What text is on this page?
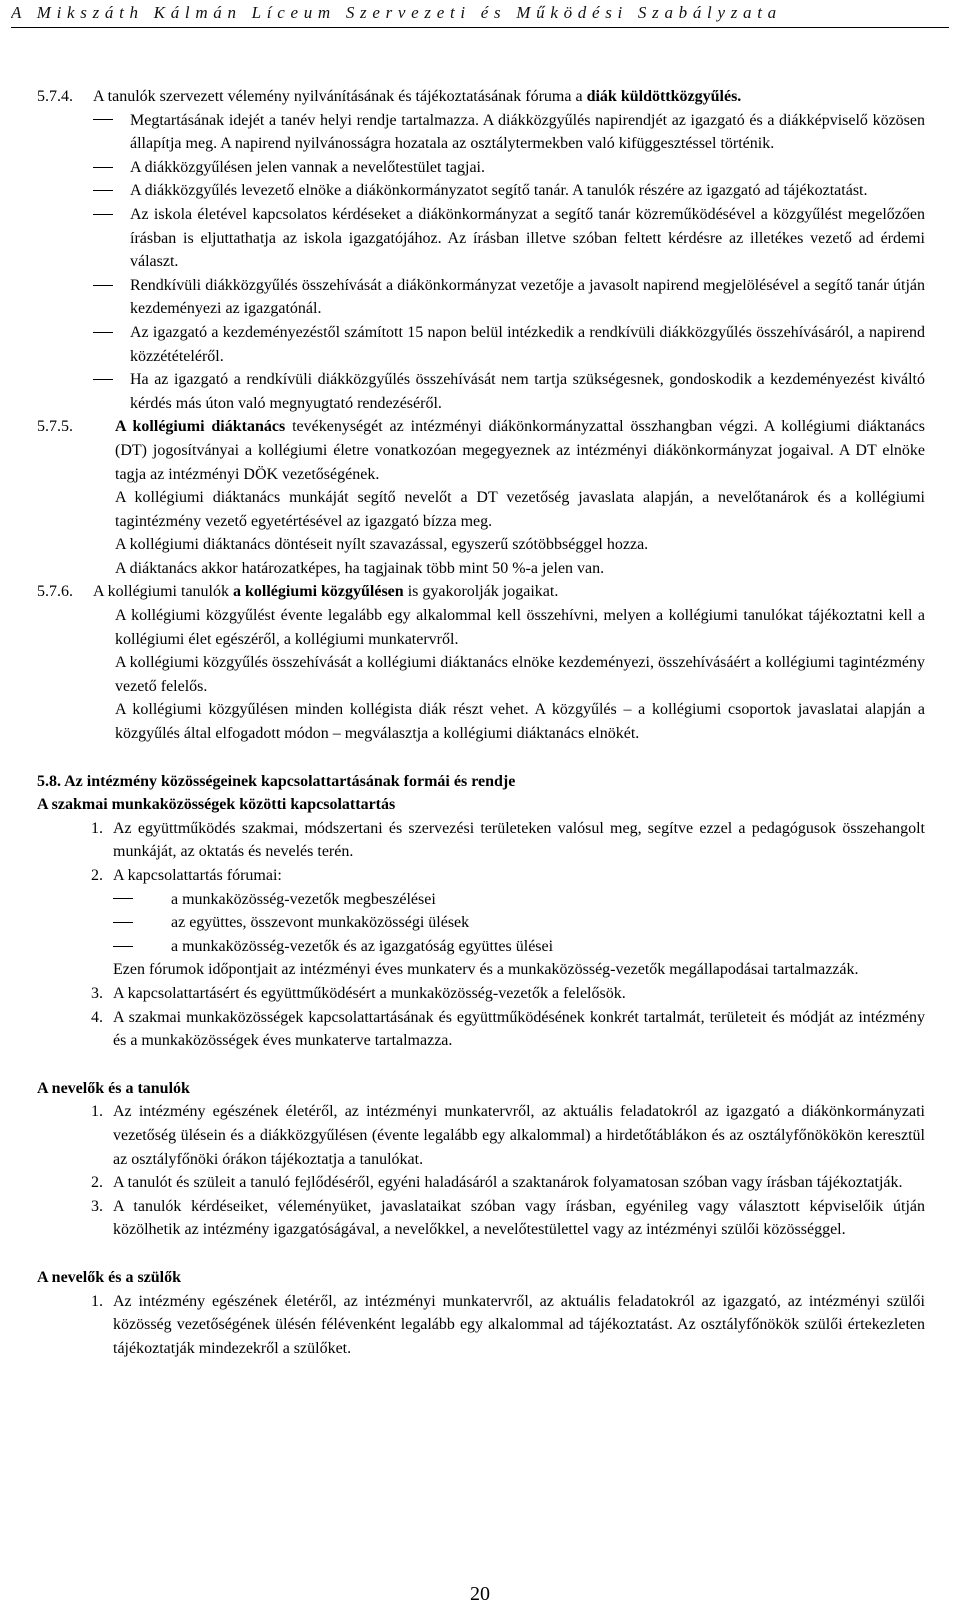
A Mikszáth Kálmán Líceum Szervezeti és Működési Szabályzata
5.7.4.	A tanulók szervezett vélemény nyilvánításának és tájékoztatásának fóruma a diák küldöttközgyűlés.
Megtartásának idejét a tanév helyi rendje tartalmazza. A diákközgyűlés napirendjét az igazgató és a diákképviselő közösen állapítja meg. A napirend nyilvánosságra hozatala az osztálytermekben való kifüggesztéssel történik.
A diákközgyűlésen jelen vannak a nevelőtestület tagjai.
A diákközgyűlés levezető elnöke a diákönkormányzatot segítő tanár. A tanulók részére az igazgató ad tájékoztatást.
Az iskola életével kapcsolatos kérdéseket a diákönkormányzat a segítő tanár közreműködésével a közgyűlést megelőzően írásban is eljuttathatja az iskola igazgatójához. Az írásban illetve szóban feltett kérdésre az illetékes vezető ad érdemi választ.
Rendkívüli diákközgyűlés összehívását a diákönkormányzat vezetője a javasolt napirend megjelölésével a segítő tanár útján kezdeményezi az igazgatónál.
Az igazgató a kezdeményezéstől számított 15 napon belül intézkedik a rendkívüli diákközgyűlés összehívásáról, a napirend közzétételéről.
Ha az igazgató a rendkívüli diákközgyűlés összehívását nem tartja szükségesnek, gondoskodik a kezdeményezést kiváltó kérdés más úton való megnyugtató rendezéséről.
5.7.5.	A kollégiumi diáktanács tevékenységét az intézményi diákönkormányzattal összhangban végzi. A kollégiumi diáktanács (DT) jogosítványai a kollégiumi életre vonatkozóan megegyeznek az intézményi diákönkormányzat jogaival. A DT elnöke tagja az intézményi DÖK vezetőségének.

A kollégiumi diáktanács munkáját segítő nevelőt a DT vezetőség javaslata alapján, a nevelőtanárok és a kollégiumi tagintézmény vezető egyetértésével az igazgató bízza meg.

A kollégiumi diáktanács döntéseit nyílt szavazással, egyszerű szótöbbséggel hozza.

A diáktanács akkor határozatképes, ha tagjainak több mint 50 %-a jelen van.

5.7.6.	A kollégiumi tanulók a kollégiumi közgyűlésen is gyakorolják jogaikat.

A kollégiumi közgyűlést évente legalább egy alkalommal kell összehívni, melyen a kollégiumi tanulókat tájékoztatni kell a kollégiumi élet egészéről, a kollégiumi munkatervről.

A kollégiumi közgyűlés összehívását a kollégiumi diáktanács elnöke kezdeményezi, összehívásáért a kollégiumi tagintézmény vezető felelős.

A kollégiumi közgyűlésen minden kollégista diák részt vehet. A közgyűlés – a kollégiumi csoportok javaslatai alapján a közgyűlés által elfogadott módon – megválasztja a kollégiumi diáktanács elnökét.

5.8. Az intézmény közösségeinek kapcsolattartásának formái és rendje
A szakmai munkaközösségek közötti kapcsolattartás
1. Az együttműködés szakmai, módszertani és szervezési területeken valósul meg, segítve ezzel a pedagógusok összehangolt munkáját, az oktatás és nevelés terén.
2. A kapcsolattartás fórumai:
a munkaközösség-vezetők megbeszélései
az együttes, összevont munkaközösségi ülések
a munkaközösség-vezetők és az igazgatóság együttes ülései

Ezen fórumok időpontjait az intézményi éves munkaterv és a munkaközösség-vezetők megállapodásai tartalmazzák.

3. A kapcsolattartásért és együttműködésért a munkaközösség-vezetők a felelősök.
4. A szakmai munkaközösségek kapcsolattartásának és együttműködésének konkrét tartalmát, területeit és módját az intézmény és a munkaközösségek éves munkaterve tartalmazza.
A nevelők és a tanulók
1. Az intézmény egészének életéről, az intézményi munkatervről, az aktuális feladatokról az igazgató a diákönkormányzati vezetőség ülésein és a diákközgyűlésen (évente legalább egy alkalommal) a hirdetőtáblákon és az osztályfőnökökön keresztül az osztályfőnöki órákon tájékoztatja a tanulókat.
2. A tanulót és szüleit a tanuló fejlődéséről, egyéni haladásáról a szaktanárok folyamatosan szóban vagy írásban tájékoztatják.
3. A tanulók kérdéseiket, véleményüket, javaslataikat szóban vagy írásban, egyénileg vagy választott képviselőik útján közölhetik az intézmény igazgatóságával, a nevelőkkel, a nevelőtestülettel vagy az intézményi szülői közösséggel.
A nevelők és a szülők
1. Az intézmény egészének életéről, az intézményi munkatervről, az aktuális feladatokról az igazgató, az intézményi szülői közösség vezetőségének ülésén félévenként legalább egy alkalommal ad tájékoztatást. Az osztályfőnökök szülői értekezleten tájékoztatják mindezekről a szülőket.
20
